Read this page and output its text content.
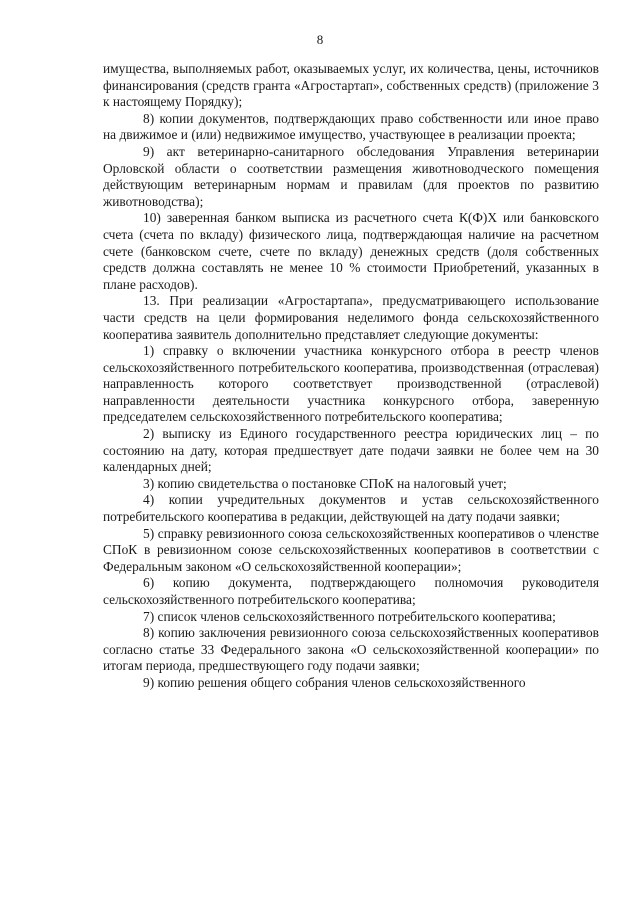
8

имущества, выполняемых работ, оказываемых услуг, их количества, цены, источников финансирования (средств гранта «Агростартап», собственных средств) (приложение 3 к настоящему Порядку);

8) копии документов, подтверждающих право собственности или иное право на движимое и (или) недвижимое имущество, участвующее в реализации проекта;

9) акт ветеринарно-санитарного обследования Управления ветеринарии Орловской области о соответствии размещения животноводческого помещения действующим ветеринарным нормам и правилам (для проектов по развитию животноводства);

10) заверенная банком выписка из расчетного счета К(Ф)Х или банковского счета (счета по вкладу) физического лица, подтверждающая наличие на расчетном счете (банковском счете, счете по вкладу) денежных средств (доля собственных средств должна составлять не менее 10 % стоимости Приобретений, указанных в плане расходов).

13. При реализации «Агростартапа», предусматривающего использование части средств на цели формирования неделимого фонда сельскохозяйственного кооператива заявитель дополнительно представляет следующие документы:

1) справку о включении участника конкурсного отбора в реестр членов сельскохозяйственного потребительского кооператива, производственная (отраслевая) направленность которого соответствует производственной (отраслевой) направленности деятельности участника конкурсного отбора, заверенную председателем сельскохозяйственного потребительского кооператива;

2) выписку из Единого государственного реестра юридических лиц – по состоянию на дату, которая предшествует дате подачи заявки не более чем на 30 календарных дней;

3) копию свидетельства о постановке СПоК на налоговый учет;

4) копии учредительных документов и устав сельскохозяйственного потребительского кооператива в редакции, действующей на дату подачи заявки;

5) справку ревизионного союза сельскохозяйственных кооперативов о членстве СПоК в ревизионном союзе сельскохозяйственных кооперативов в соответствии с Федеральным законом «О сельскохозяйственной кооперации»;

6) копию документа, подтверждающего полномочия руководителя сельскохозяйственного потребительского кооператива;

7) список членов сельскохозяйственного потребительского кооператива;

8) копию заключения ревизионного союза сельскохозяйственных кооперативов согласно статье 33 Федерального закона «О сельскохозяйственной кооперации» по итогам периода, предшествующего году подачи заявки;

9) копию решения общего собрания членов сельскохозяйственного
